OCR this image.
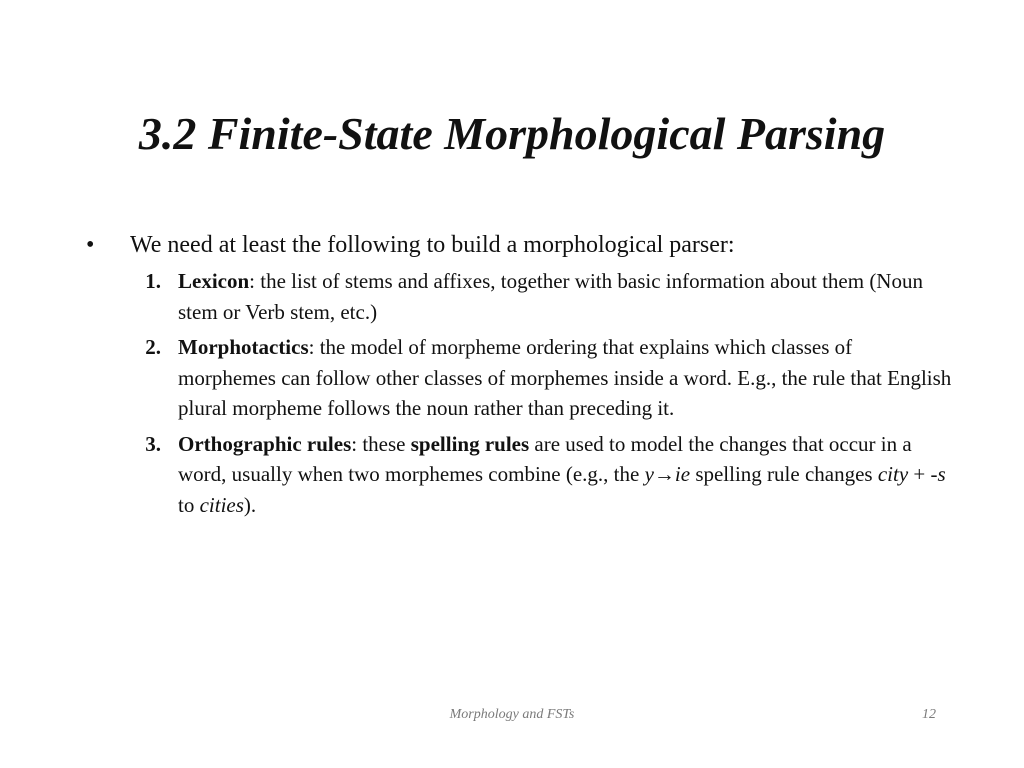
3.2 Finite-State Morphological Parsing
•	We need at least the following to build a morphological parser:
1. Lexicon: the list of stems and affixes, together with basic information about them (Noun stem or Verb stem, etc.)
2. Morphotactics: the model of morpheme ordering that explains which classes of morphemes can follow other classes of morphemes inside a word. E.g., the rule that English plural morpheme follows the noun rather than preceding it.
3. Orthographic rules: these spelling rules are used to model the changes that occur in a word, usually when two morphemes combine (e.g., the y→ie spelling rule changes city + -s to cities).
Morphology and FSTs	12
